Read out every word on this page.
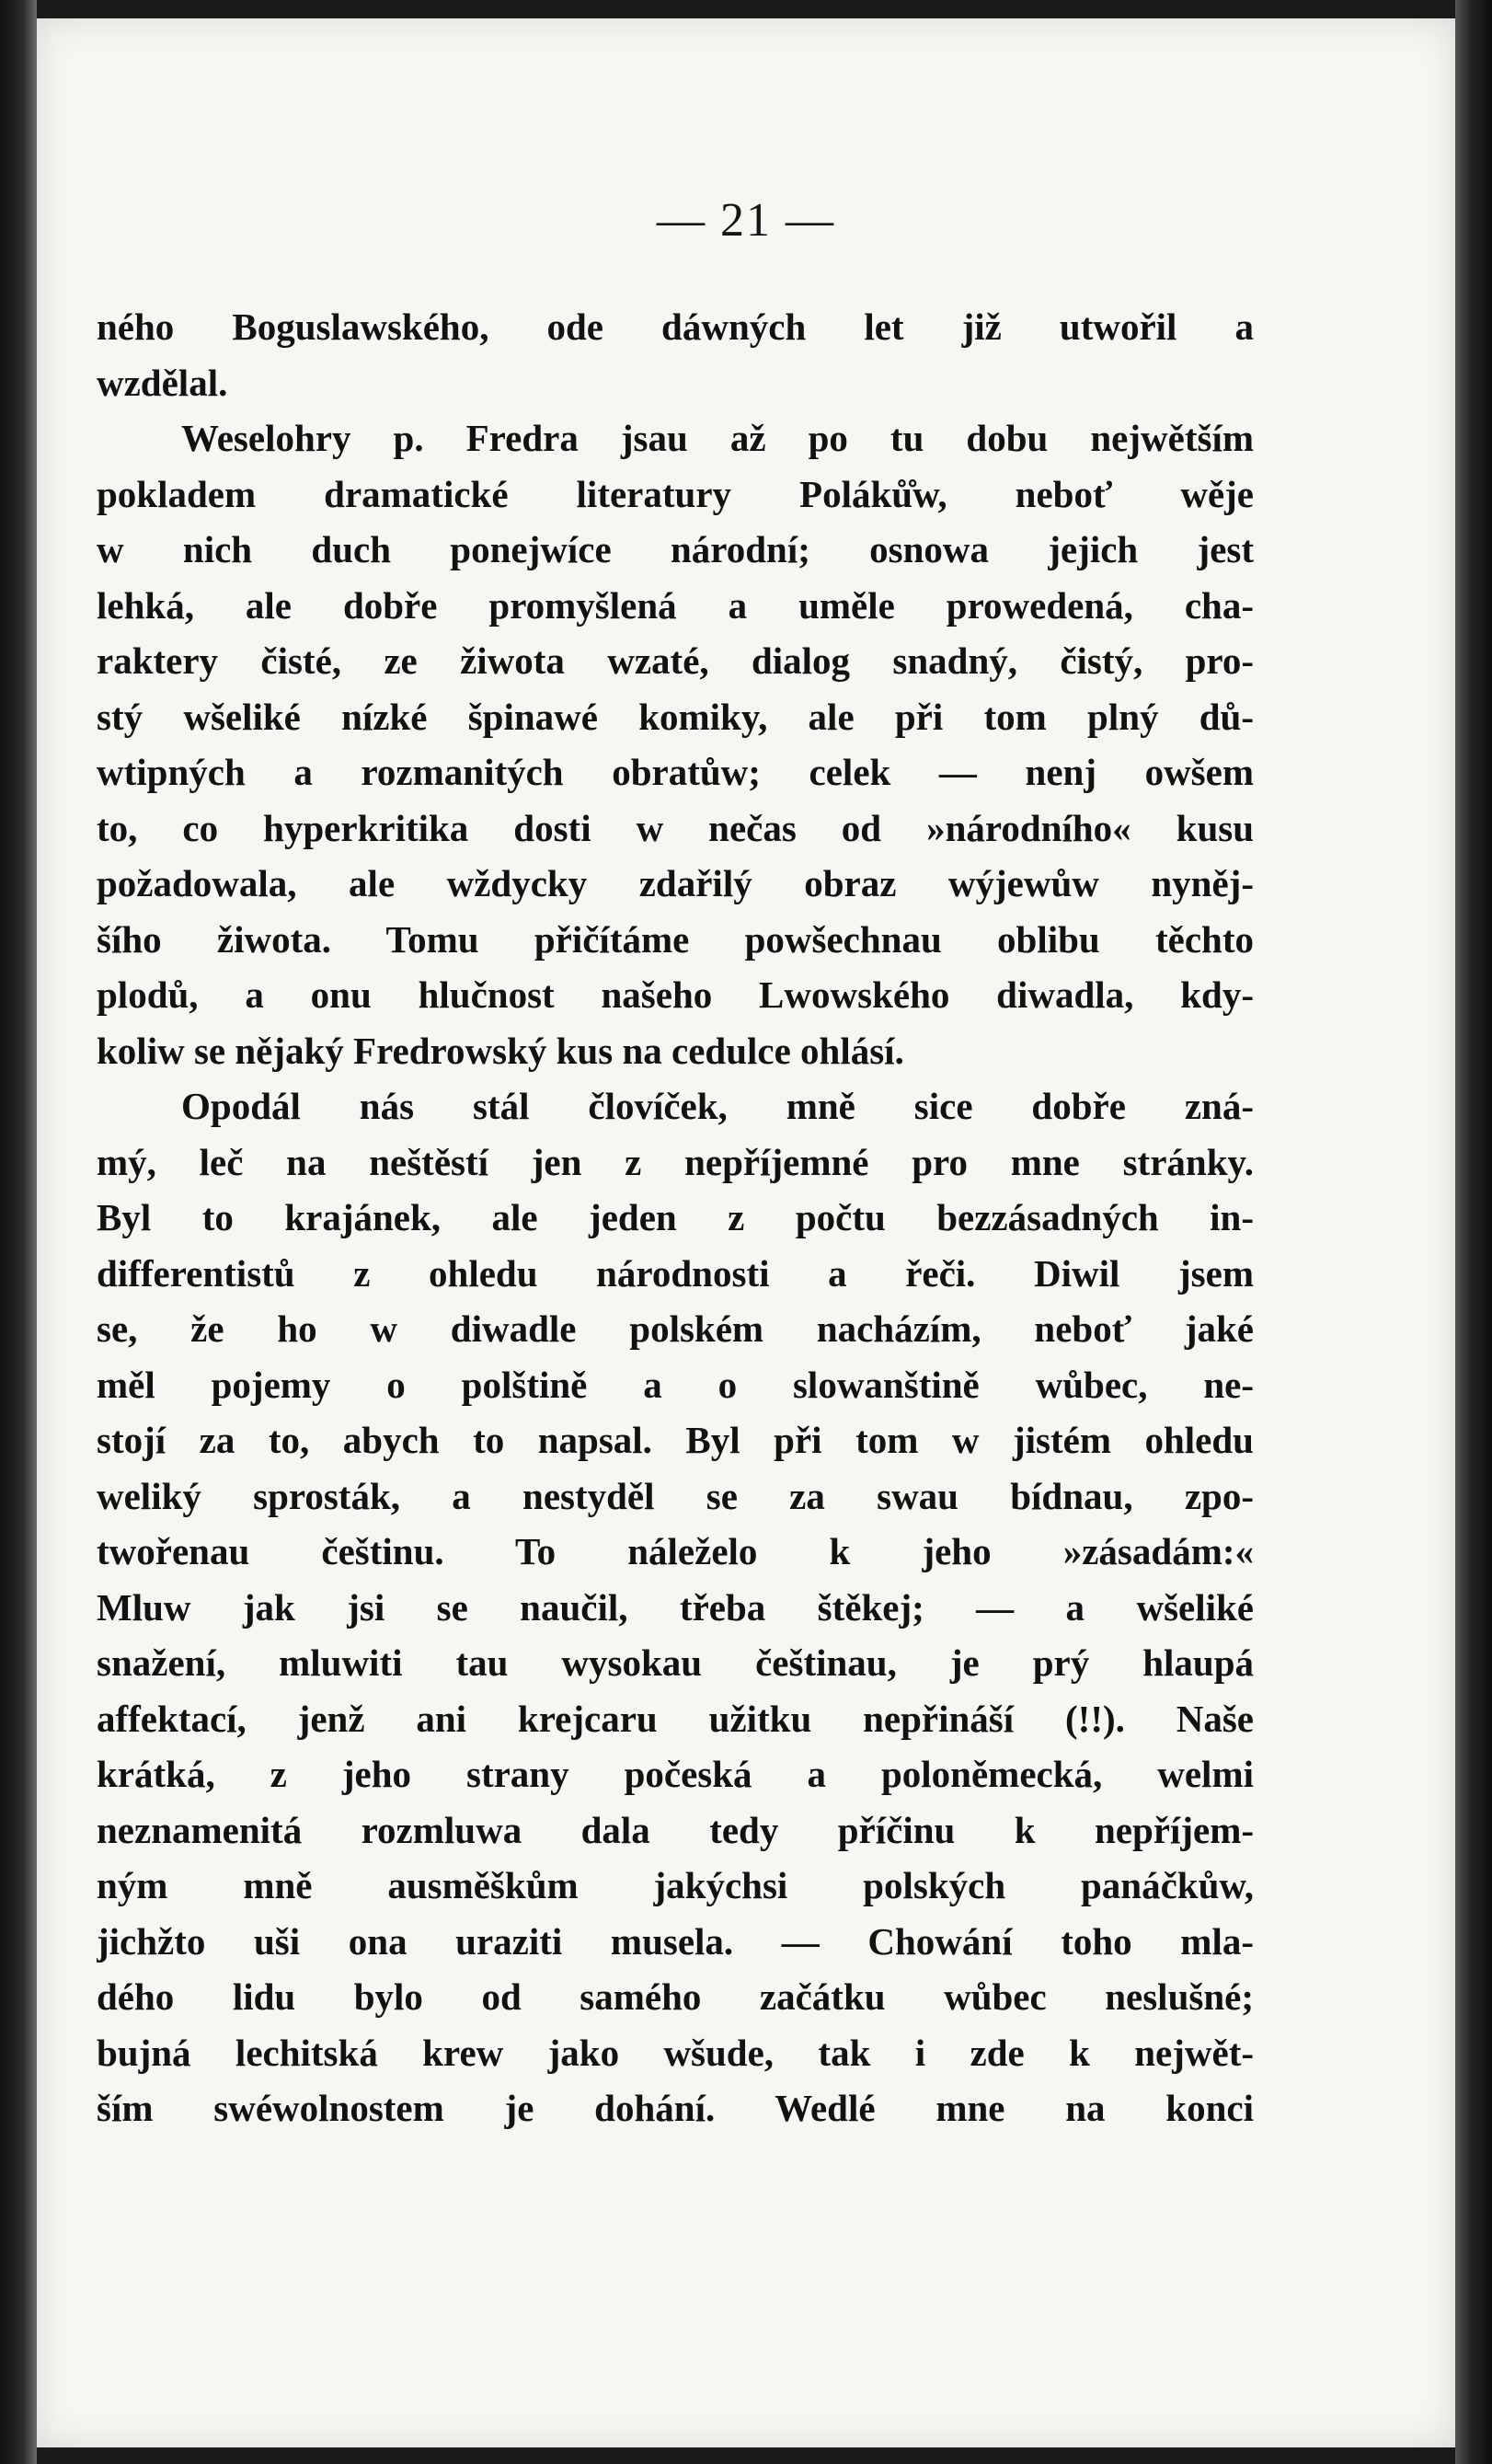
— 21 —
ného Boguslawského, ode dáwných let již utwořil a
wzdělal.
Weselohry p. Fredra jsau až po tu dobu nejwětším
pokladem dramatické literatury Poláků̊w, neboť wěje
w nich duch ponejwíce národní; osnowa jejich jest
lehká, ale dobře promyšlená a uměle prowedená, cha-
raktery čisté, ze žiwota wzaté, dialog snadný, čistý, pro-
stý wšeliké nízké špinawé komiky, ale při tom plný dů-
wtipných a rozmanitých obratůw; celek — nenj owšem
to, co hyperkritika dosti w nečas od »národního« kusu
požadowala, ale wždycky zdařilý obraz wýjewůw nyněj-
šího žiwota. Tomu přičítáme powšechnau oblibu těchto
plodů, a onu hlučnost našeho Lwowského diwadla, kdy-
koliw se nějaký Fredrowský kus na cedulce ohlásí.
Opodál nás stál človíček, mně sice dobře zná-
mý, leč na neštěstí jen z nepříjemné pro mne stránky.
Byl to krajánek, ale jeden z počtu bezzásadných in-
differentistů z ohledu národnosti a řeči. Diwil jsem
se, že ho w diwadle polském nacházím, neboť jaké
měl pojemy o polštině a o slowanštině wůbec, ne-
stojí za to, abych to napsal. Byl při tom w jistém ohledu
weliký sprosták, a nestyděl se za swau bídnau, zpo-
twořenau češtinu. To náleželo k jeho »zásadám:«
Mluw jak jsi se naučil, třeba štěkej; — a wšeliké
snažení, mluwiti tau wysokau češtinau, je prý hlaupá
affektací, jenž ani krejcaru užitku nepřináší (!!). Naše
krátká, z jeho strany počeská a poloněmecká, welmi
neznamenitá rozmluwa dala tedy příčinu k nepříjem-
ným mně ausměškům jakýchsi polských panáčkůw,
jichžto uši ona uraziti musela. — Chowání toho mla-
dého lidu bylo od samého začátku wůbec neslušné;
bujná lechitská krew jako wšude, tak i zde k nejwět-
ším swéwolnostem je dohání. Wedlé mne na konci
